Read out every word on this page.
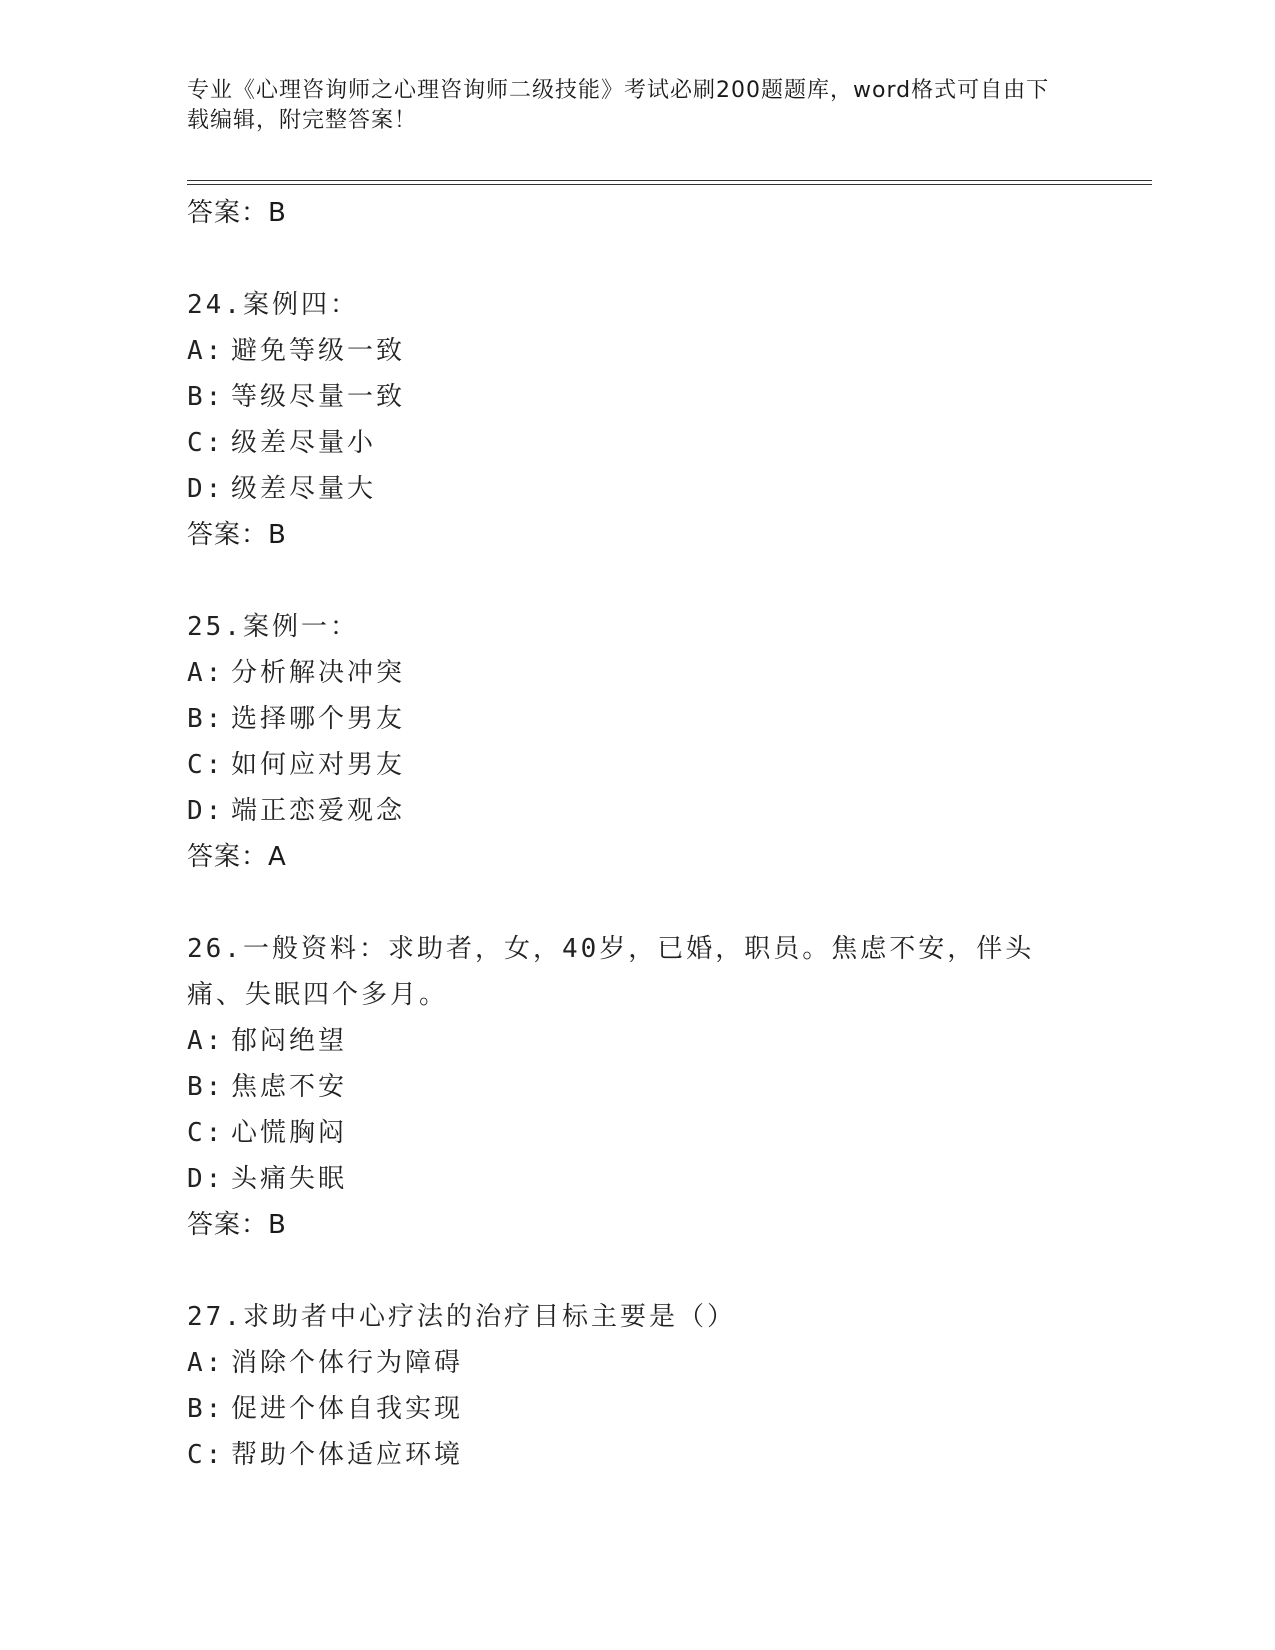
专业《心理咨询师之心理咨询师二级技能》考试必刷200题题库，word格式可自由下载编辑，附完整答案！
答案：B
24.案例四：
A: 避免等级一致
B: 等级尽量一致
C: 级差尽量小
D: 级差尽量大
答案：B
25.案例一：
A: 分析解决冲突
B: 选择哪个男友
C: 如何应对男友
D: 端正恋爱观念
答案：A
26.一般资料：求助者，女，40岁，已婚，职员。焦虑不安，伴头痛、失眠四个多月。
A: 郁闷绝望
B: 焦虑不安
C: 心慌胸闷
D: 头痛失眠
答案：B
27.求助者中心疗法的治疗目标主要是（）
A: 消除个体行为障碍
B: 促进个体自我实现
C: 帮助个体适应环境
